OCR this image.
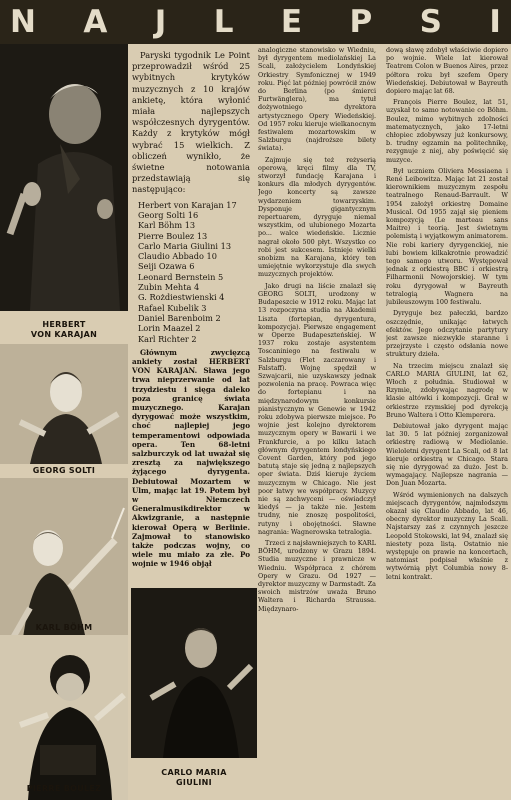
N A J L E P S I
HERBERT
VON KARAJAN
GEORG SOLTI
KARL BÖHM
PIERRE BOULEZ

Paryski tygodnik Le Point przeprowadził wśród 25 wybitnych krytyków muzycznych z 10 krajów ankietę, która wyłonić miała najlepszych współczesnych dyrygentów. Każdy z krytyków mógł wybrać 15 wielkich. Z obliczeń wynikło, że świetne notowania przedstawiają się następująco:

Herbert von Karajan 17
Georg Solti 16
Karl Böhm 13
Pierre Boulez 13
Carlo Maria Giulini 13
Claudio Abbado 10
Seiji Ozawa 6
Leonard Bernstein 5
Zubin Mehta 4
G. Rożdiestwienski 4
Rafael Kubelik 3
Daniel Barenboim 2
Lorin Maazel 2
Karl Richter 2

Głównym zwycięzcą ankiety został HERBERT VON KARAJAN. Sława jego trwa nieprzerwanie od lat trzydziestu i sięga daleko poza granicę świata muzycznego. Karajan dyrygować może wszystkim, choć najlepiej jego temperamentowi odpowiada opera. Ten 68-letni salzburczyk od lat uważał się zresztą za największego żyjącego dyrygenta. Debiutował Mozartem w Ulm, mając lat 19. Potem był w Niemczech Generalmusikdirektor w Akwizgranie, a następnie kierował Operą w Berlinie. Zajmował to stanowisko także podczas wojny, co wiele mu miało za złe. Po wojnie w 1946 objął

analogiczne stanowisko w Wiedniu, był dyrygentem mediolańskiej La Scali, założycielem Londyńskiej Orkiestry Symfonicznej w 1949 roku. Pięć lat później powrócił znów do Berlina (po śmierci Furtwänglera), ma tytuł dożywotniego dyrektora artystycznego Opery Wiedeńskiej. Od 1957 roku kieruje wielkanocnym festiwalem mozartowskim w Salzburgu (najdroższe bilety świata).

Zajmuje się też reżyserią operową, kręci filmy dla TV, stworzył fundację Karajana i konkurs dla młodych dyrygentów. Jego koncerty są zawsze wydarzeniem towarzyskim. Dysponuje gigantycznym repertuarem, dyryguje niemal wszystkim, od ulubionego Mozarta po... walce wiedeńskie. Licznie nagrał około 500 płyt. Wszystko co robi jest sukcesem. Istnieje wielki snobizm na Karajana, który ten umiejętnie wykorzystuje dla swych muzycznych projektów.

Jako drugi na liście znalazł się GEORG SOLTI, urodzony w Budapeszcie w 1912 roku. Mając lat 13 rozpoczyna studia na Akademii Liszta (fortepian, dyrygentura, kompozycja). Pierwsze engagement w Operze Budapeszteńskiej. W 1937 roku zostaje asystentem Toscaniniego na festiwalu w Salzburgu (Flet zaczarowany i Falstaff). Wojnę spędził w Szwajcarii, nie uzyskawszy jednak pozwolenia na pracę. Powraca więc do fortepianu i na międzynarodowym konkursie pianistycznym w Genewie w 1942 roku zdobywa pierwsze miejsce. Po wojnie jest kolejno dyrektorem muzycznym opery w Bawarii i we Frankfurcie, a po kilku latach głównym dyrygentem londyńskiego Covent Garden, który pod jego batutą staje się jedną z najlepszych oper świata. Dziś kieruje życiem muzycznym w Chicago. Nie jest poor łatwy we współpracy. Muzycy nie są zachwyceni — oświadczył kiedyś — ja także nie. Jestem trudny, nie znoszę pospolitości, rutyny i obojętności. Sławne nagrania: Wagnerowska tetralogia.

Trzeci z najsławniejszych to KARL BÖHM, urodzony w Grazu 1894. Studia muzyczne i prawnicze w Wiedniu. Współpraca z chórem Opery w Grazu. Od 1927 — dyrektor muzyczny w Darmstadt. Za swoich mistrzów uważa Bruno Waltera i Richarda Straussa. Międzynaro-

CARLO MARIA
GIULINI

dową sławę zdobył właściwie dopiero po wojnie. Wiele lat kierował Teatrem Colon w Buenos Aires, przez półtora roku był szefem Opery Wiedeńskiej. Debiutował w Bayreuth dopiero mając lat 68.

François Pierre Boulez, lat 51, uzyskał to samo notowanie co Böhm. Boulez, mimo wybitnych zdolności matematycznych, jako 17-letni chłopiec zdobywszy już konkursowy, b. trudny egzamin na politechnikę, rezygnuje z niej, aby poświęcić się muzyce.

Był uczniem Oliviera Messiaena i René Leibowitza. Mając lat 21 został kierownikiem muzycznym zespołu teatralnego Renaud-Barrault. W 1954 założył orkiestrę Domaine Musical. Od 1955 zajął się pieniem kompozycją (Le marteau sans Maitre) i teorią. Jest świetnym polemistą i wyjątkowym animatorem. Nie robi kariery dyrygenckiej, nie lubi bowiem kilkakrotnie prowadzić tego samego utworu. Występował jednak z orkiestrą BBC i orkiestrą Filharmonii Nowojorskiej. W tym roku dyrygował w Bayreuth tetralogią Wagnera na jubileuszowym 100 festiwalu.

Dyryguje bez pałeczki, bardzo oszczędnie, unikając łatwych efektów. Jego odczytanie partytury jest zawsze niezwykle staranne i przejrzyste i często odsłania nowe struktury dzieła.

Na trzecim miejscu znalazł się CARLO MARIA GIULINI, lat 62, Włoch z południa. Studiował w Rzymie, zdobywając nagrodę w klasie altówki i kompozycji. Grał w orkiestrze rzymskiej pod dyrekcją Bruno Waltera i Otto Klemperera.

Debiutował jako dyrygent mając lat 30. 5 lat później zorganizował orkiestrę radiową w Mediolanie. Wieloletni dyrygent La Scali, od 8 lat kieruje orkiestrą w Chicago. Stara się nie dyrygować za dużo. Jest b. wymagający. Najlepsze nagrania — Don Juan Mozarta.

Wśród wymienionych na dalszych miejscach dyrygentów, najmłodszym okazał się Claudio Abbado, lat 46, obecny dyrektor muzyczny La Scali. Najstarszy zaś z czynnych jeszcze Leopold Stokowski, lat 94, znalazł się niestety poza listą. Ostatnio nie występuje on prawie na koncertach, natomiast podpisał właśnie z wytwórnią płyt Columbia nowy 8-letni kontrakt.
